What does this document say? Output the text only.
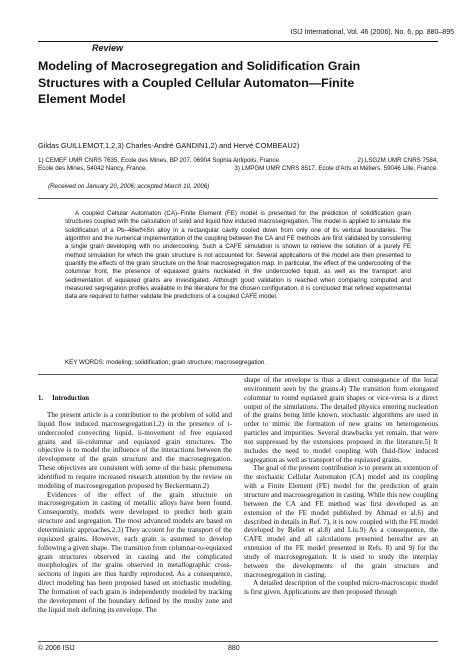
ISIJ International, Vol. 46 (2006), No. 6, pp. 880–895
Review
Modeling of Macrosegregation and Solidification Grain
Structures with a Coupled Cellular Automaton—Finite
Element Model
Gildas GUILLEMOT,1,2,3) Charles-André GANDIN1,2) and Hervé COMBEAU2)
1) CEMEF UMR CNRS 7635, Ecole des Mines, BP 207, 06904 Sophia Antipolis, France.	2) LSG2M UMR CNRS 7584,
Ecole des Mines, 54042 Nancy, France.	3) LMPGM UMR CNRS 8517, Ecole d’Arts et Métiers, 59046 Lille, France.
(Received on January 20, 2006; accepted March 10, 2006)
A coupled Cellular Automaton (CA)–Finite Element (FE) model is presented for the prediction of solidification grain structures coupled with the calculation of solid and liquid flow induced macrosegregation. The model is applied to simulate the solidification of a Pb–48wt%Sn alloy in a rectangular cavity cooled down from only one of its vertical boundaries. The algorithm and the numerical implementation of the coupling between the CA and FE methods are first validated by considering a single grain developing with no undercooling. Such a CAFE simulation is shown to retrieve the solution of a purely FE method simulation for which the grain structure is not accounted for. Several applications of the model are then presented to quantify the effects of the grain structure on the final macrosegregation map. In particular, the effect of the undercooling of the columnar front, the presence of equiaxed grains nucleated in the undercooled liquid, as well as the transport and sedimentation of equiaxed grains are investigated. Although good validation is reached when comparing computed and measured segregation profiles available in the literature for the chosen configuration, it is concluded that refined experimental data are required to further validate the predictions of a coupled CAFE model.
KEY WORDS: modeling; solidification; grain structure; macrosegregation.
1. Introduction

The present article is a contribution to the problem of solid and liquid flow induced macrosegregation1,2) in the presence of i-undercooled convecting liquid, ii-movement of free equiaxed grains and iii-columnar and equiaxed grain structures. The objective is to model the influence of the interactions between the development of the grain structure and the macrosegregation. These objectives are consistent with some of the basic phenomena identified to require increased research attention by the review on modeling of macrosegregation proposed by Beckermann.2)

Evidences of the effect of the grain structure on macrosegregation in casting of metallic alloys have been found. Consequently, models were developed to predict both grain structure and segregation. The most advanced models are based on deterministic approaches.2,3) They account for the transport of the equiaxed grains. However, each grain is assumed to develop following a given shape. The transition from columnar-to-equiaxed grain structures observed in casting and the complicated morphologies of the grains observed in metallographic cross-sections of ingots are thus hardly reproduced. As a consequence, direct modeling has been proposed based on stochastic modeling. The formation of each grain is independently modeled by tracking the development of the boundary defined by the mushy zone and the liquid melt defining its envelope. The

shape of the envelope is thus a direct consequence of the local environment seen by the grains.4) The transition from elongated columnar to round equiaxed grain shapes or vice-versa is a direct output of the simulations. The detailed physics entering nucleation of the grains being little known, stochastic algorithms are used in order to mimic the formation of new grains on heterogeneous particles and impurities. Several drawbacks yet remain, that were not suppressed by the extensions proposed in the literature.5) It includes the need to model coupling with fluid-flow induced segregation as well as transport of the equiaxed grains.

The goal of the present contribution is to present an extention of the stochastic Cellular Automaton (CA) model and its coupling with a Finite Element (FE) model for the prediction of grain structure and macrosegregation in casting. While this new coupling between the CA and FE method was first developed as an extension of the FE model published by Ahmad et al.6) and described in details in Ref. 7), it is now coupled with the FE model developed by Bellet et al.8) and Liu.9) As a consequence, the CAFE model and all calculations presented hereafter are an extension of the FE model presented in Refs. 8) and 9) for the study of macrosegregation. It is used to study the interplay between the developments of the grain structure and macrosegregation in casting.

A detailed description of the coupled micro-macroscopic model is first given. Applications are then proposed through

© 2006 ISIJ	880
